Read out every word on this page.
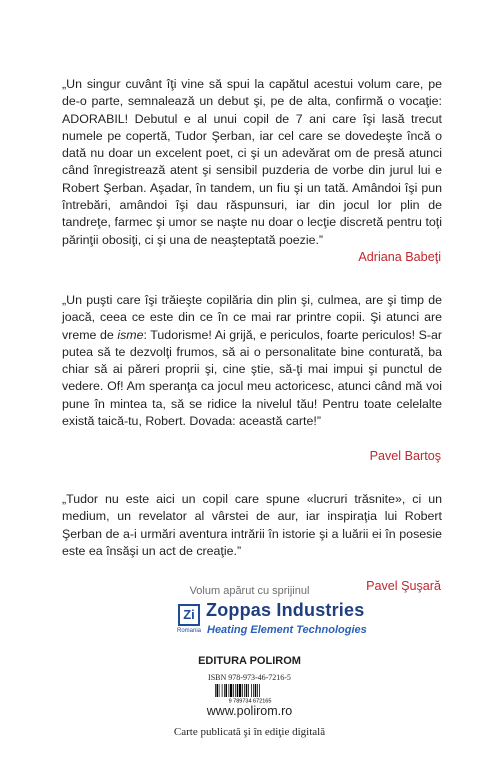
„Un singur cuvânt îţi vine să spui la capătul acestui volum care, pe de-o parte, semnalează un debut şi, pe de alta, confirmă o vocaţie: ADORABIL! Debutul e al unui copil de 7 ani care îşi lasă trecut numele pe copertă, Tudor Şerban, iar cel care se dovedeşte încă o dată nu doar un excelent poet, ci şi un adevărat om de presă atunci când înregistrează atent şi sensibil puzderia de vorbe din jurul lui e Robert Şerban. Aşadar, în tandem, un fiu şi un tată. Amândoi îşi pun întrebări, amândoi îşi dau răspunsuri, iar din jocul lor plin de tandreţe, farmec şi umor se naşte nu doar o lecţie discretă pentru toţi părinţii obosiţi, ci şi una de neaşteptată poezie.”

Adriana Babeţi

„Un puşti care îşi trăieşte copilăria din plin şi, culmea, are şi timp de joacă, ceea ce este din ce în ce mai rar printre copii. Şi atunci are vreme de isme: Tudorisme! Ai grijă, e periculos, foarte periculos! S-ar putea să te dezvolţi frumos, să ai o personalitate bine conturată, ba chiar să ai păreri proprii şi, cine ştie, să-ţi mai impui şi punctul de vedere. Of! Am speranţa ca jocul meu actoricesc, atunci când mă voi pune în mintea ta, să se ridice la nivelul tău! Pentru toate celelalte există taică-tu, Robert. Dovada: această carte!”

Pavel Bartoş

„Tudor nu este aici un copil care spune «lucruri trăsnite», ci un medium, un revelator al vârstei de aur, iar inspiraţia lui Robert Şerban de a-i urmări aventura intrării în istorie şi a luării ei în posesie este ea însăşi un act de creaţie.”

Pavel Şuşară

Volum apărut cu sprijinul
Zi
Romania
Zoppas Industries
Heating Element Technologies
EDITURA POLIROM
ISBN 978-973-46-7216-5
9 789734 672165
www.polirom.ro
Carte publicată şi în ediţie digitală
